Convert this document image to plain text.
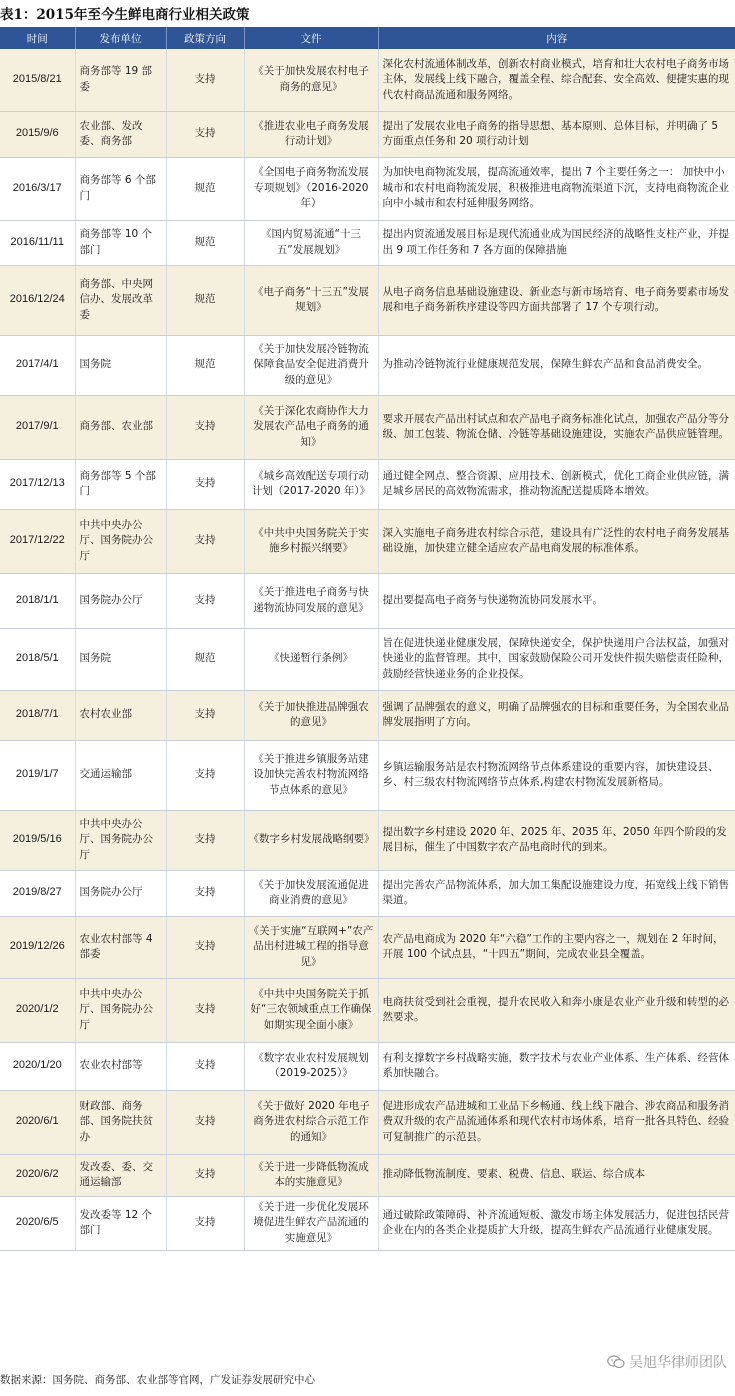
表1：2015年至今生鲜电商行业相关政策
时间	发布单位	政策方向	文件	内容
2015/8/21	商务部等 19 部委	支持	《关于加快发展农村电子商务的意见》	深化农村流通体制改革，创新农村商业模式，培育和壮大农村电子商务市场主体，发展线上线下融合，覆盖全程、综合配套、安全高效、便捷实惠的现代农村商品流通和服务网络。
2015/9/6	农业部、发改委、商务部	支持	《推进农业电子商务发展行动计划》	提出了发展农业电子商务的指导思想、基本原则、总体目标，并明确了 5 方面重点任务和 20 项行动计划
2016/3/17	商务部等 6 个部门	规范	《全国电子商务物流发展专项规划》（2016-2020年）	为加快电商物流发展，提高流通效率，提出 7 个主要任务之一： 加快中小城市和农村电商物流发展，积极推进电商物流渠道下沉，支持电商物流企业向中小城市和农村延伸服务网络。
2016/11/11	商务部等 10 个部门	规范	《国内贸易流通“十三五”发展规划》	提出内贸流通发展目标是现代流通业成为国民经济的战略性支柱产业，并提出 9 项工作任务和 7 各方面的保障措施
2016/12/24	商务部、中央网信办、发展改革委	规范	《电子商务“十三五”发展规划》	从电子商务信息基础设施建设、新业态与新市场培育、电子商务要素市场发展和电子商务新秩序建设等四方面共部署了 17 个专项行动。
2017/4/1	国务院	规范	《关于加快发展冷链物流保障食品安全促进消费升级的意见》	为推动冷链物流行业健康规范发展，保障生鲜农产品和食品消费安全。
2017/9/1	商务部、农业部	支持	《关于深化农商协作大力发展农产品电子商务的通知》	要求开展农产品出村试点和农产品电子商务标准化试点，加强农产品分等分级、加工包装、物流仓储、冷链等基础设施建设，实施农产品供应链管理。
2017/12/13	商务部等 5 个部门	支持	《城乡高效配送专项行动计划（2017-2020 年）》	通过健全网点、整合资源、应用技术、创新模式，优化工商企业供应链，满足城乡居民的高效物流需求，推动物流配送提质降本增效。
2017/12/22	中共中央办公厅、国务院办公厅	支持	《中共中央国务院关于实施乡村振兴纲要》	深入实施电子商务进农村综合示范，建设具有广泛性的农村电子商务发展基础设施，加快建立健全适应农产品电商发展的标准体系。
2018/1/1	国务院办公厅	支持	《关于推进电子商务与快递物流协同发展的意见》	提出要提高电子商务与快递物流协同发展水平。
2018/5/1	国务院	规范	《快递暂行条例》	旨在促进快递业健康发展，保障快递安全，保护快递用户合法权益，加强对快递业的监督管理。其中，国家鼓励保险公司开发快件损失赔偿责任险种，鼓励经营快递业务的企业投保。
2018/7/1	农村农业部	支持	《关于加快推进品牌强农的意见》	强调了品牌强农的意义，明确了品牌强农的目标和重要任务，为全国农业品牌发展指明了方向。
2019/1/7	交通运输部	支持	《关于推进乡镇服务站建设加快完善农村物流网络节点体系的意见》	乡镇运输服务站是农村物流网络节点体系建设的重要内容，加快建设县、乡、村三级农村物流网络节点体系,构建农村物流发展新格局。
2019/5/16	中共中央办公厅、国务院办公厅	支持	《数字乡村发展战略纲要》	提出数字乡村建设 2020 年、2025 年、2035 年、2050 年四个阶段的发展目标，催生了中国数字农产品电商时代的到来。
2019/8/27	国务院办公厅	支持	《关于加快发展流通促进商业消费的意见》	提出完善农产品物流体系，加大加工集配设施建设力度，拓宽线上线下销售渠道。
2019/12/26	农业农村部等 4 部委	支持	《关于实施“互联网+”农产品出村进城工程的指导意见》	农产品电商成为 2020 年“六稳”工作的主要内容之一，规划在 2 年时间，开展 100 个试点县，“十四五”期间，完成农业县全覆盖。
2020/1/2	中共中央办公厅、国务院办公厅	支持	《中共中央国务院关于抓好“三农领域重点工作确保如期实现全面小康》	电商扶贫受到社会重视，提升农民收入和奔小康是农业产业升级和转型的必然要求。
2020/1/20	农业农村部等	支持	《数字农业农村发展规划（2019-2025）》	有利支撑数字乡村战略实施，数字技术与农业产业体系、生产体系、经营体系加快融合。
2020/6/1	财政部、商务部、国务院扶贫办	支持	《关于做好 2020 年电子商务进农村综合示范工作的通知》	促进形成农产品进城和工业品下乡畅通、线上线下融合、涉农商品和服务消费双升级的农产品流通体系和现代农村市场体系，培育一批各具特色、经验可复制推广的示范县。
2020/6/2	发改委、委、交通运输部	支持	《关于进一步降低物流成本的实施意见》	推动降低物流制度、要素、税费、信息、联运、综合成本
2020/6/5	发改委等 12 个部门	支持	《关于进一步优化发展环境促进生鲜农产品流通的实施意见》	通过破除政策障碍、补齐流通短板、激发市场主体发展活力，促进包括民营企业在内的各类企业提质扩大升级，提高生鲜农产品流通行业健康发展。
吴旭华律师团队
数据来源：国务院、商务部、农业部等官网，广发证券发展研究中心
